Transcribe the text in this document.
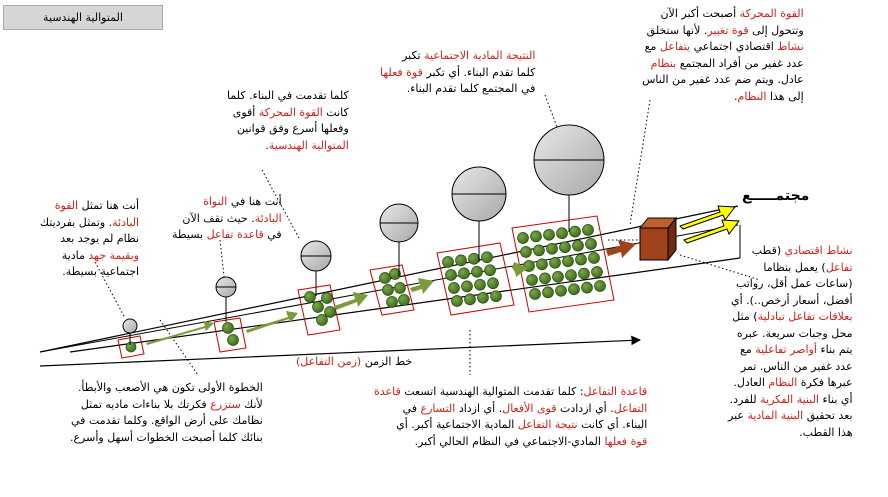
المتوالية الهندسية
مجتمـــــع
القوة المحركة أصبحت أكبر الآن
وتتحول إلى قوة تغيير. لأنها ستخلق
نشاط اقتصادي اجتماعي يتفاعل مع
عدد غفير من أفراد المجتمع بنظام
عادل. ويتم ضم عدد غفير من الناس
إلى هذا النظام.
النتيجة المادية الاجتماعية تكبر
كلما تقدم البناء. أي تكبر قوة فعلها
في المجتمع كلما تقدم البناء.
كلما تقدمت في البناء. كلما
كانت القوة المحركة أقوى
وفعلها أسرع وفق قوانين
المتوالية الهندسية.
أنت هنا في النواة
البادئة. حيث تقف الآن
في قاعدة تفاعل بسيطة
أنت هنا تمثل القوة
البادئة. وتمثل بفرديتك
نظام لم يوجد بعد
وبقيمة جهد مادية
اجتماعية بسيطة.
الخطوة الأولى تكون هي الأصعب والأبطأ.
لأنك ستزرع فكرتك بلا بناءات ماديه تمثل
نظامك على أرض الواقع. وكلما تقدمت في
بنائك كلما أصبحت الخطوات أسهل وأسرع.
قاعدة التفاعل: كلما تقدمت المتوالية الهندسية اتسعت قاعدة
التفاعل. أي ازدادت قوى الأفعال. أي ازداد التسارع في
البناء. أي كانت نتيجة التفاعل المادية الاجتماعية أكبر. أي
قوة فعلها المادي-الاجتماعي في النظام الحالي أكبر.
نشاط اقتصادي (قطب
تفاعل) يعمل بنظاما
(ساعات عمل أقل، رواتب
أفضل، أسعار أرخص..). أي
بعلاقات تفاعل تبادلية) مثل
محل وجبات سريعة. عبره
يتم بناء أواصر تفاعلية مع
عدد غفير من الناس. تمر
عبرها فكرة النظام العادل.
أي بناء البنية الفكرية للفرد.
بعد تحقيق البنية المادية عبر
هذا القطب.
خط الزمن (زمن التفاعل)
